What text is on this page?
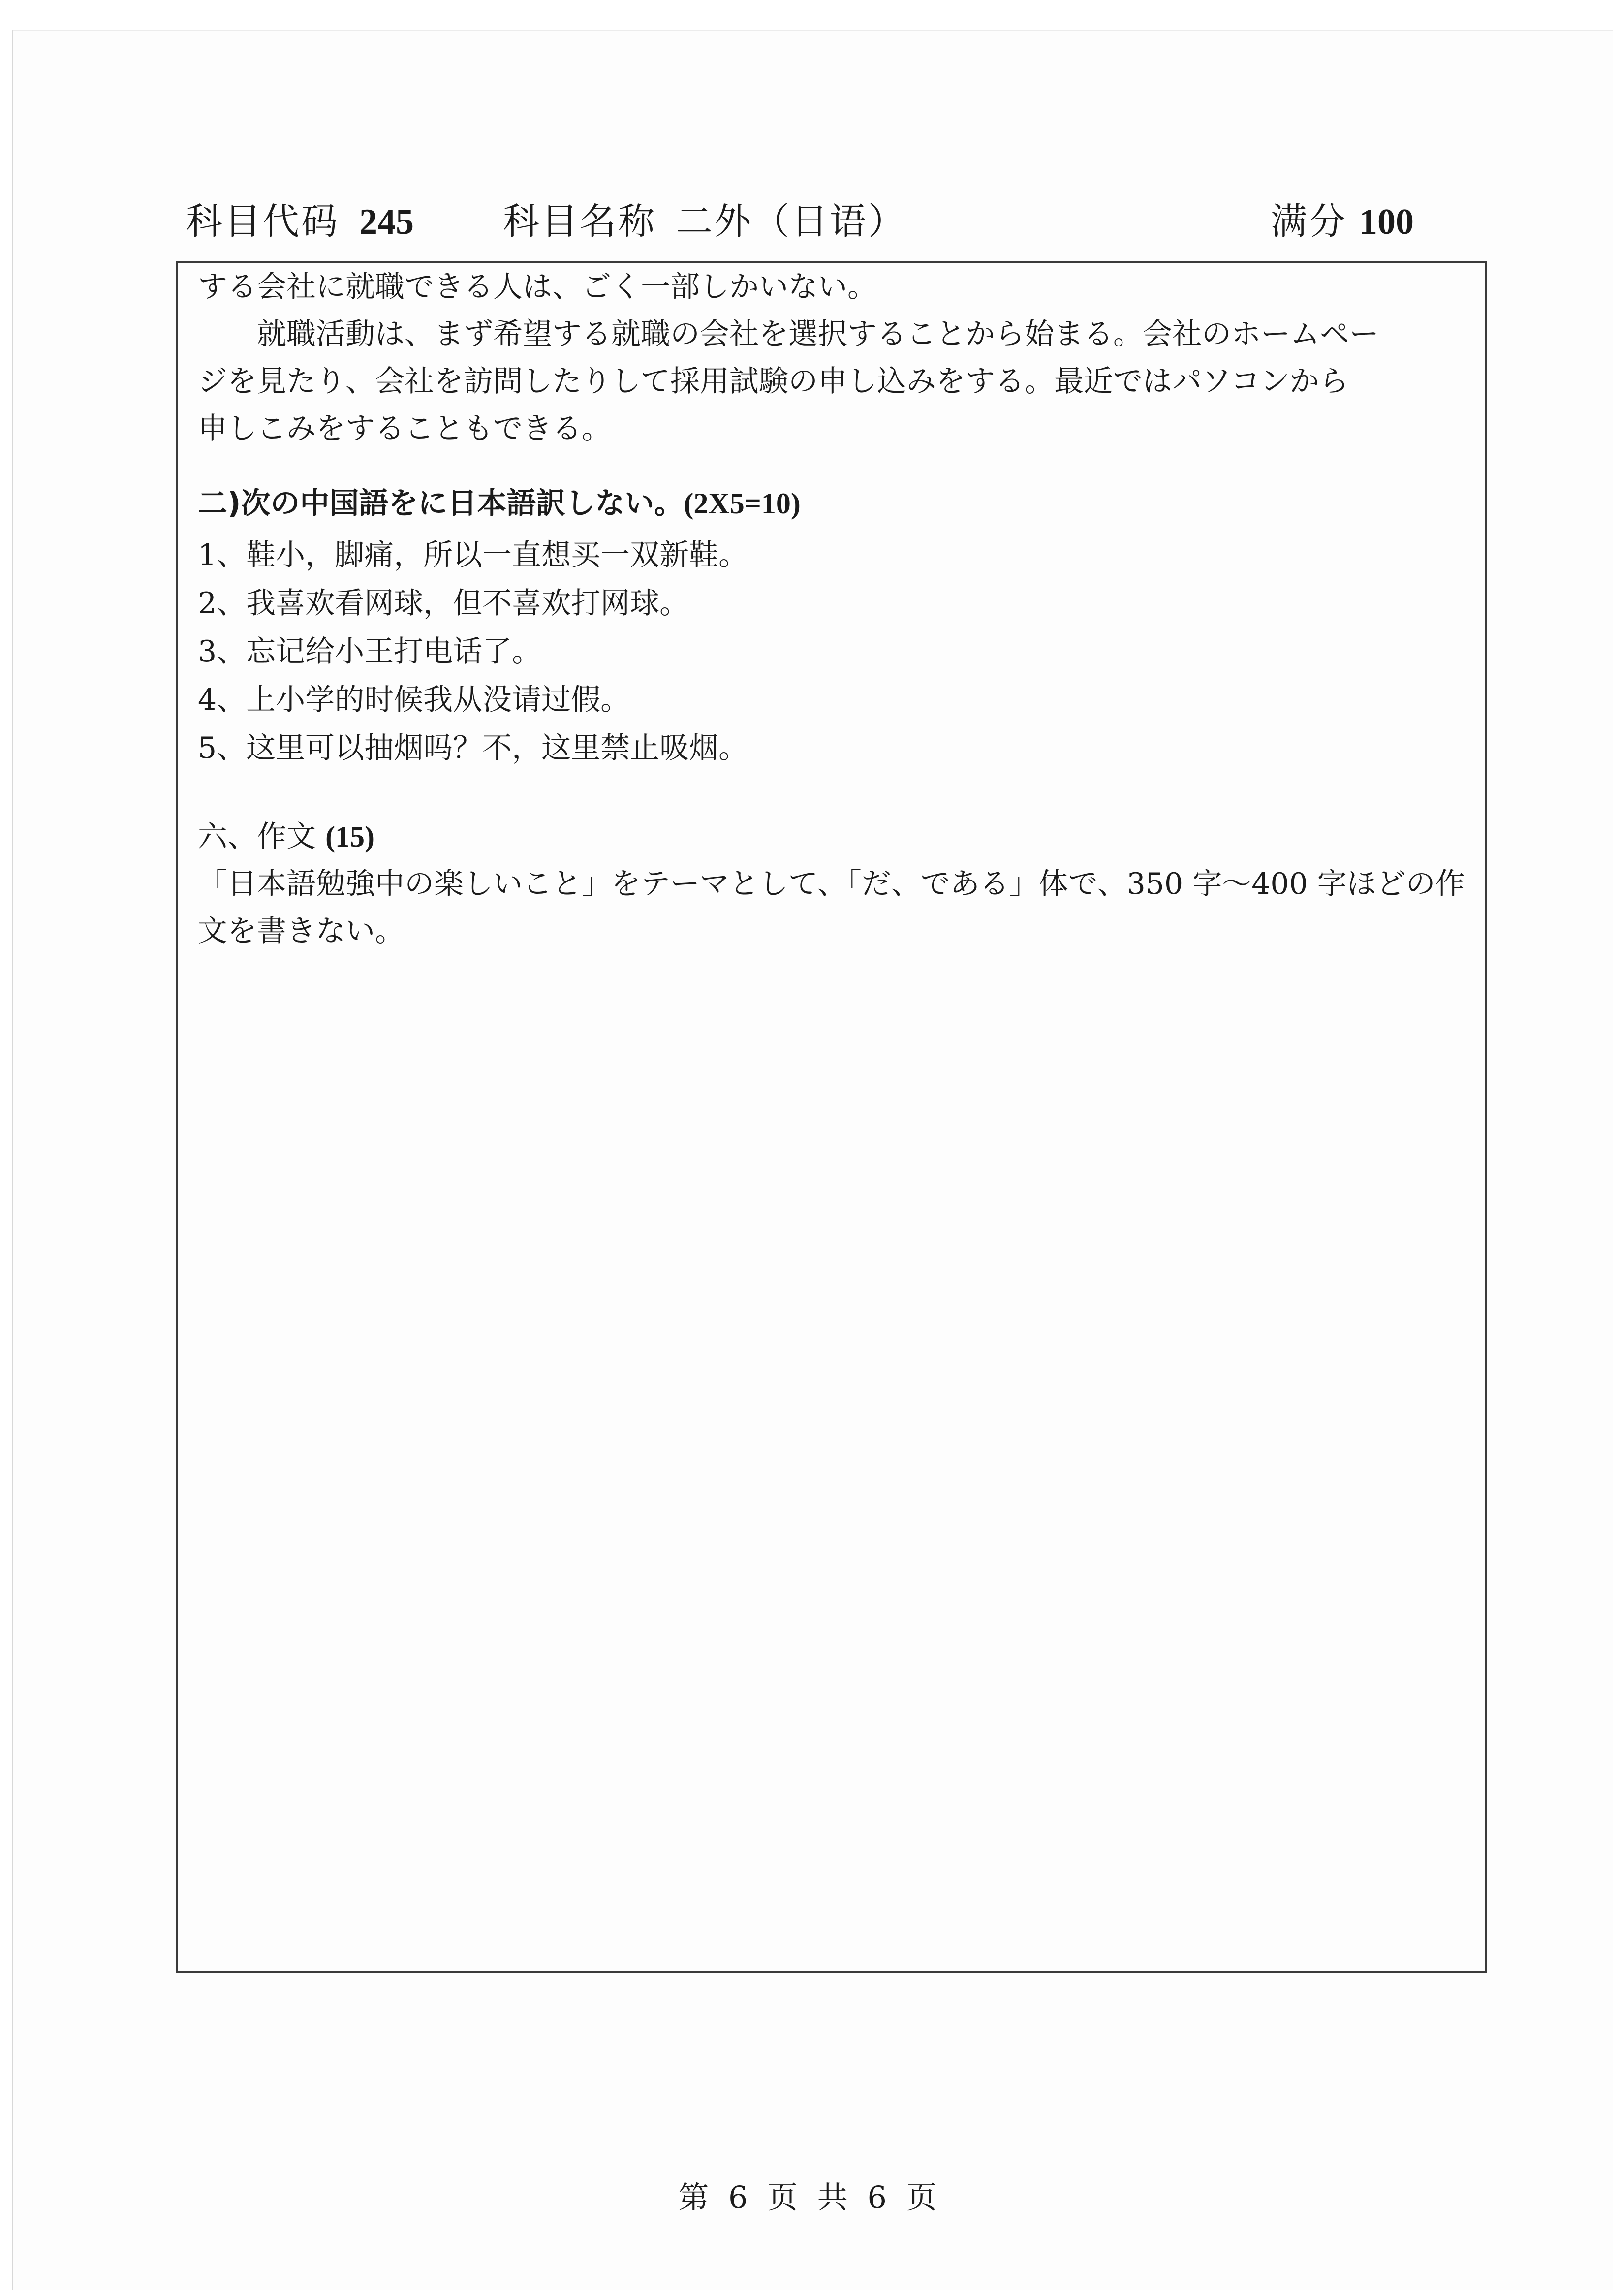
科目代码 245 科目名称 二外（日语）	满分 100
する会社に就職できる人は、ごく一部しかいない。
就職活動は、まず希望する就職の会社を選択することから始まる。会社のホームペー
ジを見たり、会社を訪問したりして採用試験の申し込みをする。最近ではパソコンから
申しこみをすることもできる。
二)次の中国語をに日本語訳しない。(2X5=10)
1、鞋小，脚痛，所以一直想买一双新鞋。
2、我喜欢看网球，但不喜欢打网球。
3、忘记给小王打电话了。
4、上小学的时候我从没请过假。
5、这里可以抽烟吗？不，这里禁止吸烟。
六、作文 (15)
「日本語勉強中の楽しいこと」をテーマとして、「だ、である」体で、350 字～400 字ほどの作文を書きない。
第 6 页 共 6 页
